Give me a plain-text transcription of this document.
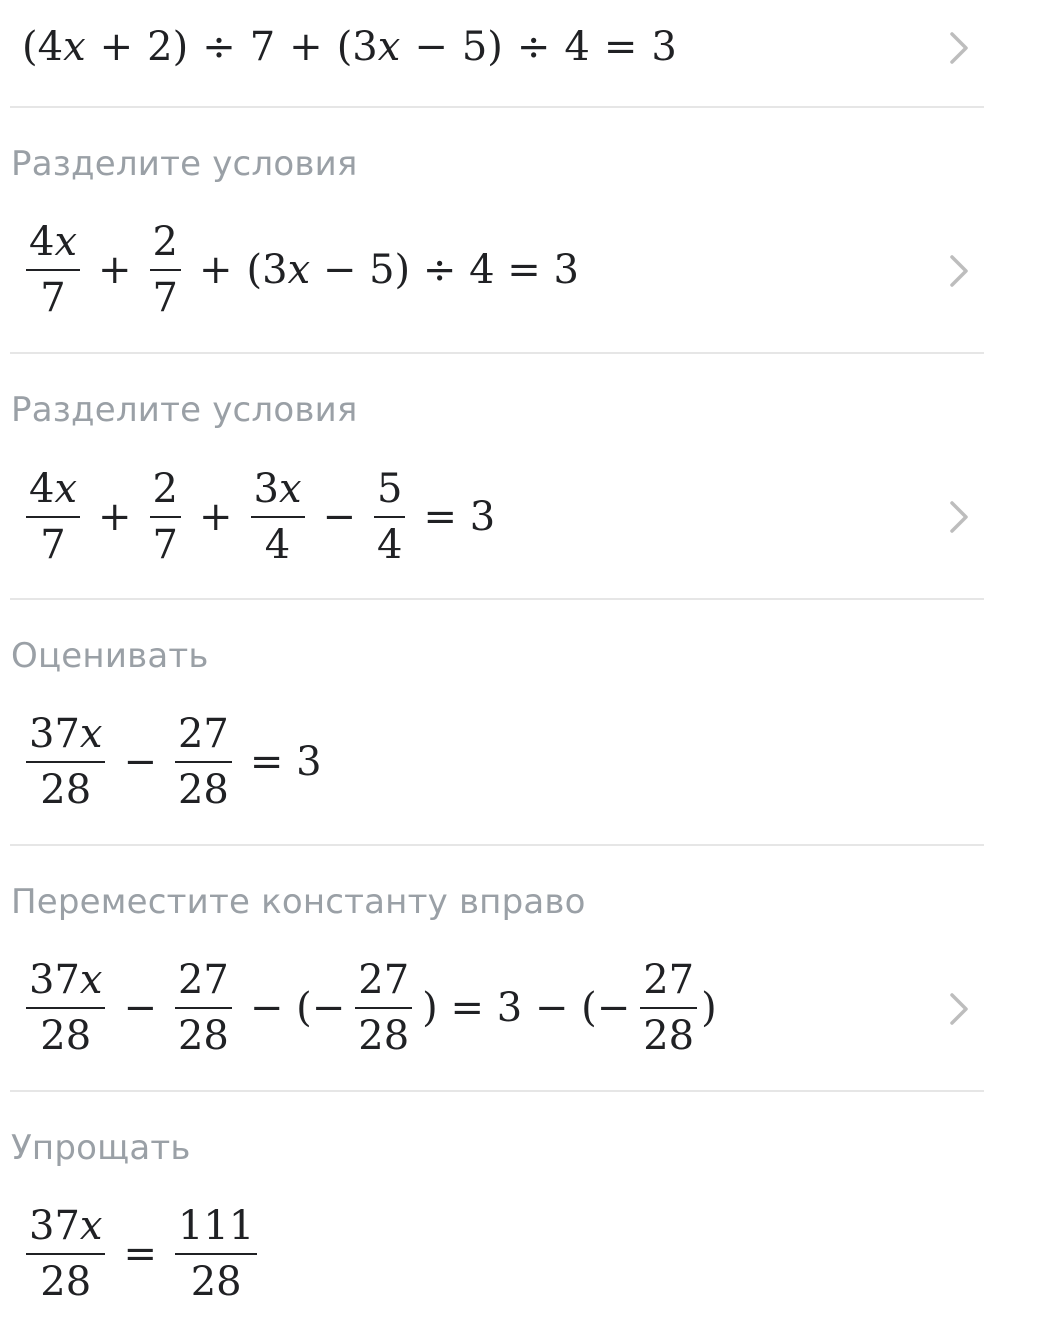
(4 x + 2) ÷ 7 + (3 x − 5) ÷ 4 = 3
Разделите условия
$\frac{4x}{7} + \frac{2}{7} + (3x - 5) \div 4 = 3$
Разделите условия
$\frac{4x}{7} + \frac{2}{7} + \frac{3x}{4} - \frac{5}{4} = 3$
Оценивать
$\frac{37x}{28} - \frac{27}{28} = 3$
Переместите константу вправо
$\frac{37x}{28} - \frac{27}{28}$ − (− $\frac{27}{28}$ ) = 3 − (− $\frac{27}{28}$ )
Упрощать
$\frac{37x}{28} = \frac{111}{28}$
